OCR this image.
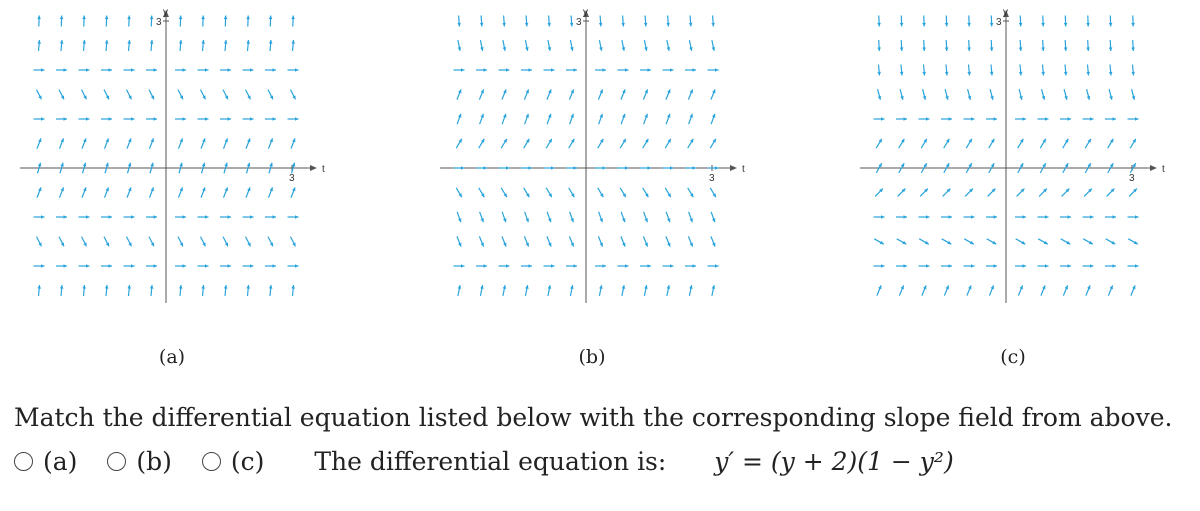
t
y
3
3
t
y
3
3
t
y
3
3
(a)	(b)	(c)
Match the differential equation listed below with the corresponding slope field from above.
(a) (b) (c) The differential equation is: y′ = (y + 2)(1 − y²)
